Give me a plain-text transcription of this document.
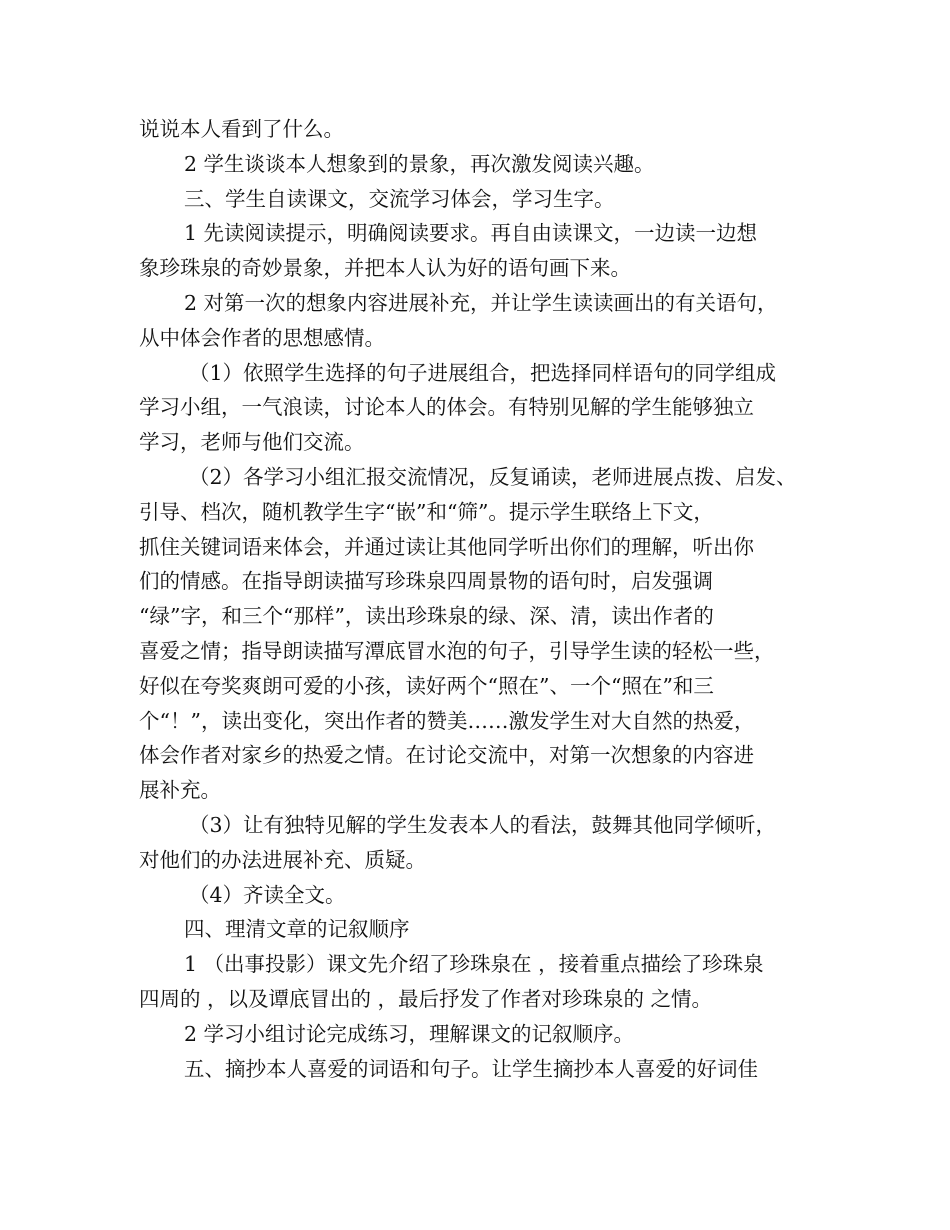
说说本人看到了什么。
2 学生谈谈本人想象到的景象，再次激发阅读兴趣。
三、学生自读课文，交流学习体会，学习生字。
1 先读阅读提示，明确阅读要求。再自由读课文，一边读一边想
象珍珠泉的奇妙景象，并把本人认为好的语句画下来。
2 对第一次的想象内容进展补充，并让学生读读画出的有关语句，
从中体会作者的思想感情。
（1）依照学生选择的句子进展组合，把选择同样语句的同学组成
学习小组，一气浪读，讨论本人的体会。有特别见解的学生能够独立
学习，老师与他们交流。
（2）各学习小组汇报交流情况，反复诵读，老师进展点拨、启发、
引导、档次，随机教学生字“嵌”和“筛”。提示学生联络上下文，
抓住关键词语来体会，并通过读让其他同学听出你们的理解，听出你
们的情感。在指导朗读描写珍珠泉四周景物的语句时，启发强调
“绿”字，和三个“那样”，读出珍珠泉的绿、深、清，读出作者的
喜爱之情；指导朗读描写潭底冒水泡的句子，引导学生读的轻松一些，
好似在夸奖爽朗可爱的小孩，读好两个“照在”、一个“照在”和三
个“！”，读出变化，突出作者的赞美……激发学生对大自然的热爱，
体会作者对家乡的热爱之情。在讨论交流中，对第一次想象的内容进
展补充。
（3）让有独特见解的学生发表本人的看法，鼓舞其他同学倾听，
对他们的办法进展补充、质疑。
（4）齐读全文。
四、理清文章的记叙顺序
1 （出事投影）课文先介绍了珍珠泉在 ，接着重点描绘了珍珠泉
四周的 ，以及谭底冒出的 ，最后抒发了作者对珍珠泉的 之情。
2 学习小组讨论完成练习，理解课文的记叙顺序。
五、摘抄本人喜爱的词语和句子。让学生摘抄本人喜爱的好词佳
